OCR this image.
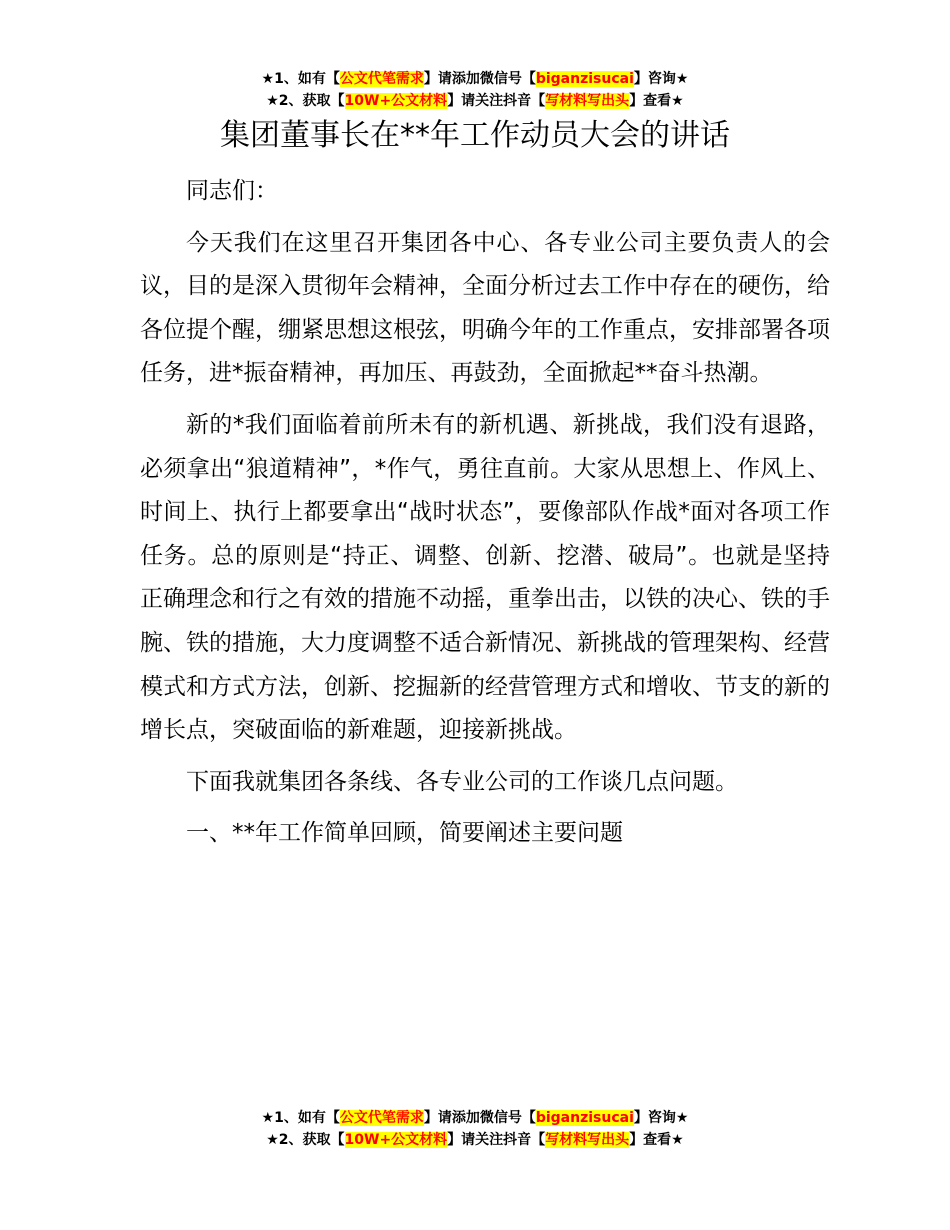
★1、如有【公文代笔需求】请添加微信号【biganzisucai】咨询★
★2、获取【10W+公文材料】请关注抖音【写材料写出头】查看★
集团董事长在**年工作动员大会的讲话

同志们：

今天我们在这里召开集团各中心、各专业公司主要负责人的会议，目的是深入贯彻年会精神，全面分析过去工作中存在的硬伤，给各位提个醒，绷紧思想这根弦，明确今年的工作重点，安排部署各项任务，进*振奋精神，再加压、再鼓劲，全面掀起**奋斗热潮。

新的*我们面临着前所未有的新机遇、新挑战，我们没有退路，必须拿出“狼道精神”，*作气，勇往直前。大家从思想上、作风上、时间上、执行上都要拿出“战时状态”，要像部队作战*面对各项工作任务。总的原则是“持正、调整、创新、挖潜、破局”。也就是坚持正确理念和行之有效的措施不动摇，重拳出击，以铁的决心、铁的手腕、铁的措施，大力度调整不适合新情况、新挑战的管理架构、经营模式和方式方法，创新、挖掘新的经营管理方式和增收、节支的新的增长点，突破面临的新难题，迎接新挑战。

下面我就集团各条线、各专业公司的工作谈几点问题。

一、**年工作简单回顾，简要阐述主要问题

★1、如有【公文代笔需求】请添加微信号【biganzisucai】咨询★
★2、获取【10W+公文材料】请关注抖音【写材料写出头】查看★
